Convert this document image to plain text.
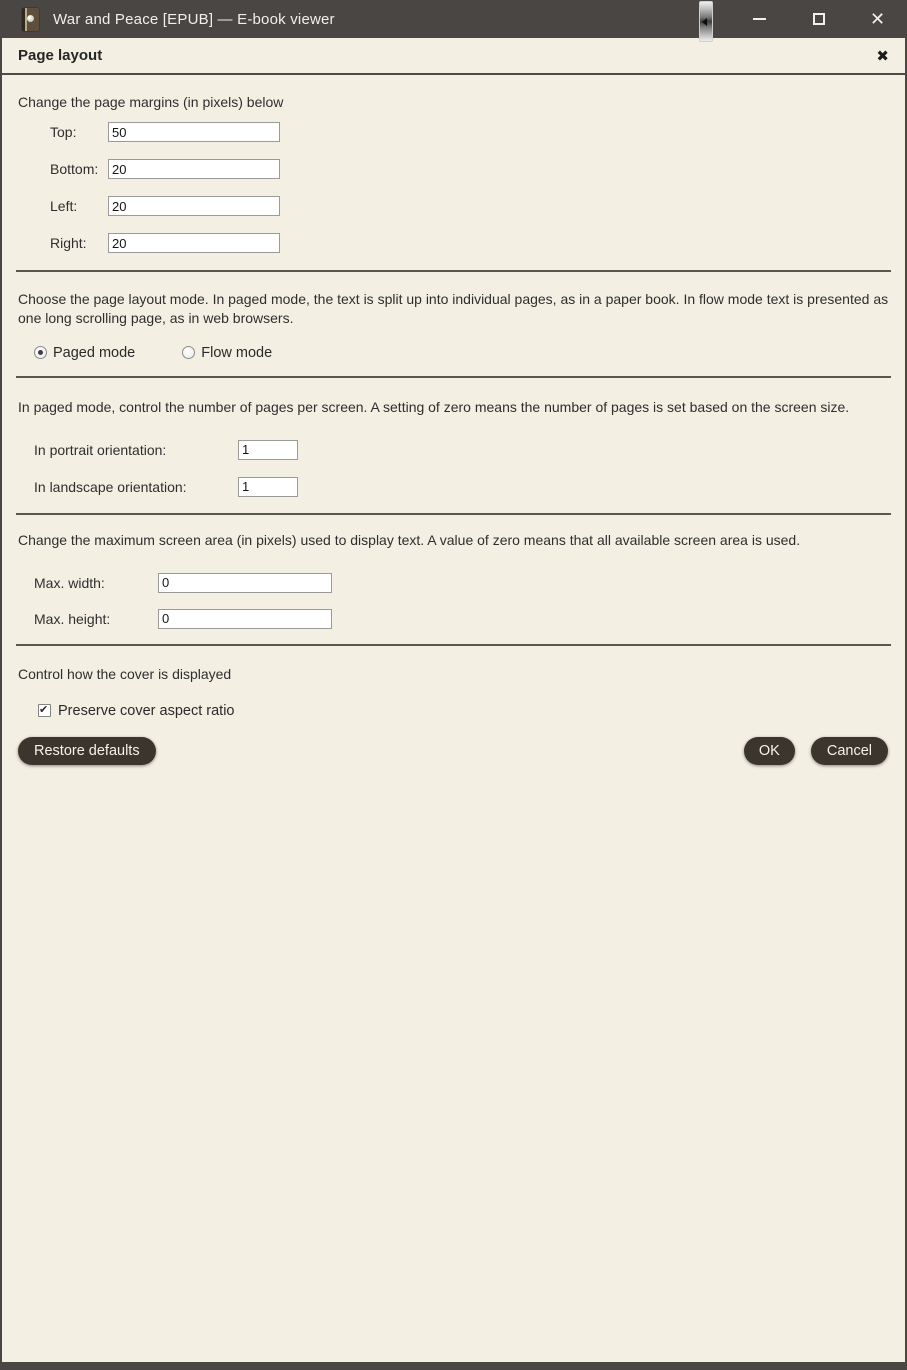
War and Peace [EPUB] — E-book viewer	✕
Page layout	✖

Change the page margins (in pixels) below

Top:
50
Bottom:
20
Left:
20
Right:
20

Choose the page layout mode. In paged mode, the text is split up into individual pages, as in a paper book. In flow mode text is presented as one long scrolling page, as in web browsers.

Paged mode	Flow mode

In paged mode, control the number of pages per screen. A setting of zero means the number of pages is set based on the screen size.

In portrait orientation:
1
In landscape orientation:
1

Change the maximum screen area (in pixels) used to display text. A value of zero means that all available screen area is used.

Max. width:
0
Max. height:
0

Control how the cover is displayed

✔
Preserve cover aspect ratio
Restore defaults	OK	Cancel
